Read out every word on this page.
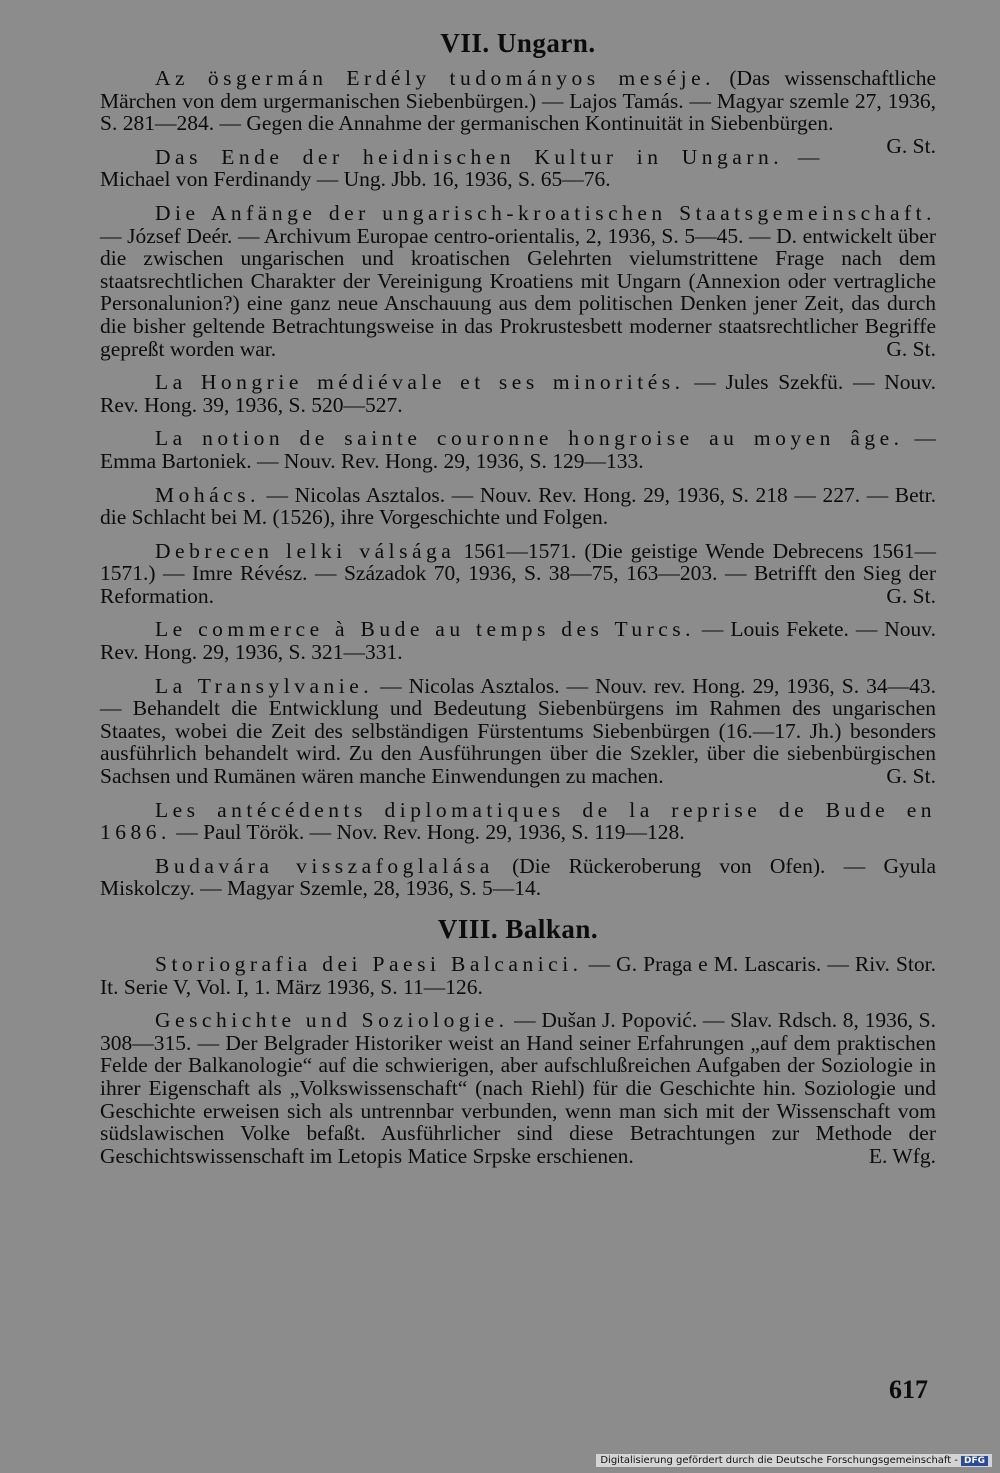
VII. Ungarn.
Az ösgermán Erdély tudományos meséje. (Das wissenschaftliche Märchen von dem urgermanischen Siebenbürgen.) — Lajos Tamás. — Magyar szemle 27, 1936, S. 281—284. — Gegen die Annahme der germanischen Kontinuität in Siebenbürgen.
G. St.
Das Ende der heidnischen Kultur in Ungarn. — Michael von Ferdinandy — Ung. Jbb. 16, 1936, S. 65—76.
Die Anfänge der ungarisch-kroatischen Staatsgemeinschaft. — József Deér. — Archivum Europae centro-orientalis, 2, 1936, S. 5—45. — D. entwickelt über die zwischen ungarischen und kroatischen Gelehrten vielumstrittene Frage nach dem staatsrechtlichen Charakter der Vereinigung Kroatiens mit Ungarn (Annexion oder vertragliche Personalunion?) eine ganz neue Anschauung aus dem politischen Denken jener Zeit, das durch die bisher geltende Betrachtungsweise in das Prokrustesbett moderner staatsrechtlicher Begriffe gepreßt worden war.	G. St.
La Hongrie médiévale et ses minorités. — Jules Szekfü. — Nouv. Rev. Hong. 39, 1936, S. 520—527.
La notion de sainte couronne hongroise au moyen âge. — Emma Bartoniek. — Nouv. Rev. Hong. 29, 1936, S. 129—133.
Mohács. — Nicolas Asztalos. — Nouv. Rev. Hong. 29, 1936, S. 218 — 227. — Betr. die Schlacht bei M. (1526), ihre Vorgeschichte und Folgen.
Debrecen lelki válsága 1561—1571. (Die geistige Wende Debrecens 1561—1571.) — Imre Révész. — Századok 70, 1936, S. 38—75, 163—203. — Betrifft den Sieg der Reformation.	G. St.
Le commerce à Bude au temps des Turcs. — Louis Fekete. — Nouv. Rev. Hong. 29, 1936, S. 321—331.
La Transylvanie. — Nicolas Asztalos. — Nouv. rev. Hong. 29, 1936, S. 34—43. — Behandelt die Entwicklung und Bedeutung Siebenbürgens im Rahmen des ungarischen Staates, wobei die Zeit des selbständigen Fürstentums Siebenbürgen (16.—17. Jh.) besonders ausführlich behandelt wird. Zu den Ausführungen über die Szekler, über die siebenbürgischen Sachsen und Rumänen wären manche Einwendungen zu machen.	G. St.
Les antécédents diplomatiques de la reprise de Bude en 1686. — Paul Török. — Nov. Rev. Hong. 29, 1936, S. 119—128.
Budavára visszafoglalása (Die Rückeroberung von Ofen). — Gyula Miskolczy. — Magyar Szemle, 28, 1936, S. 5—14.
VIII. Balkan.
Storiografia dei Paesi Balcanici. — G. Praga e M. Lascaris. — Riv. Stor. It. Serie V, Vol. I, 1. März 1936, S. 11—126.
Geschichte und Soziologie. — Dušan J. Popović. — Slav. Rdsch. 8, 1936, S. 308—315. — Der Belgrader Historiker weist an Hand seiner Erfahrungen „auf dem praktischen Felde der Balkanologie“ auf die schwierigen, aber aufschlußreichen Aufgaben der Soziologie in ihrer Eigenschaft als „Volkswissenschaft“ (nach Riehl) für die Geschichte hin. Soziologie und Geschichte erweisen sich als untrennbar verbunden, wenn man sich mit der Wissenschaft vom südslawischen Volke befaßt. Ausführlicher sind diese Betrachtungen zur Methode der Geschichtswissenschaft im Letopis Matice Srpske erschienen.	E. Wfg.
617
Digitalisierung gefördert durch die Deutsche Forschungsgemeinschaft - DFG
